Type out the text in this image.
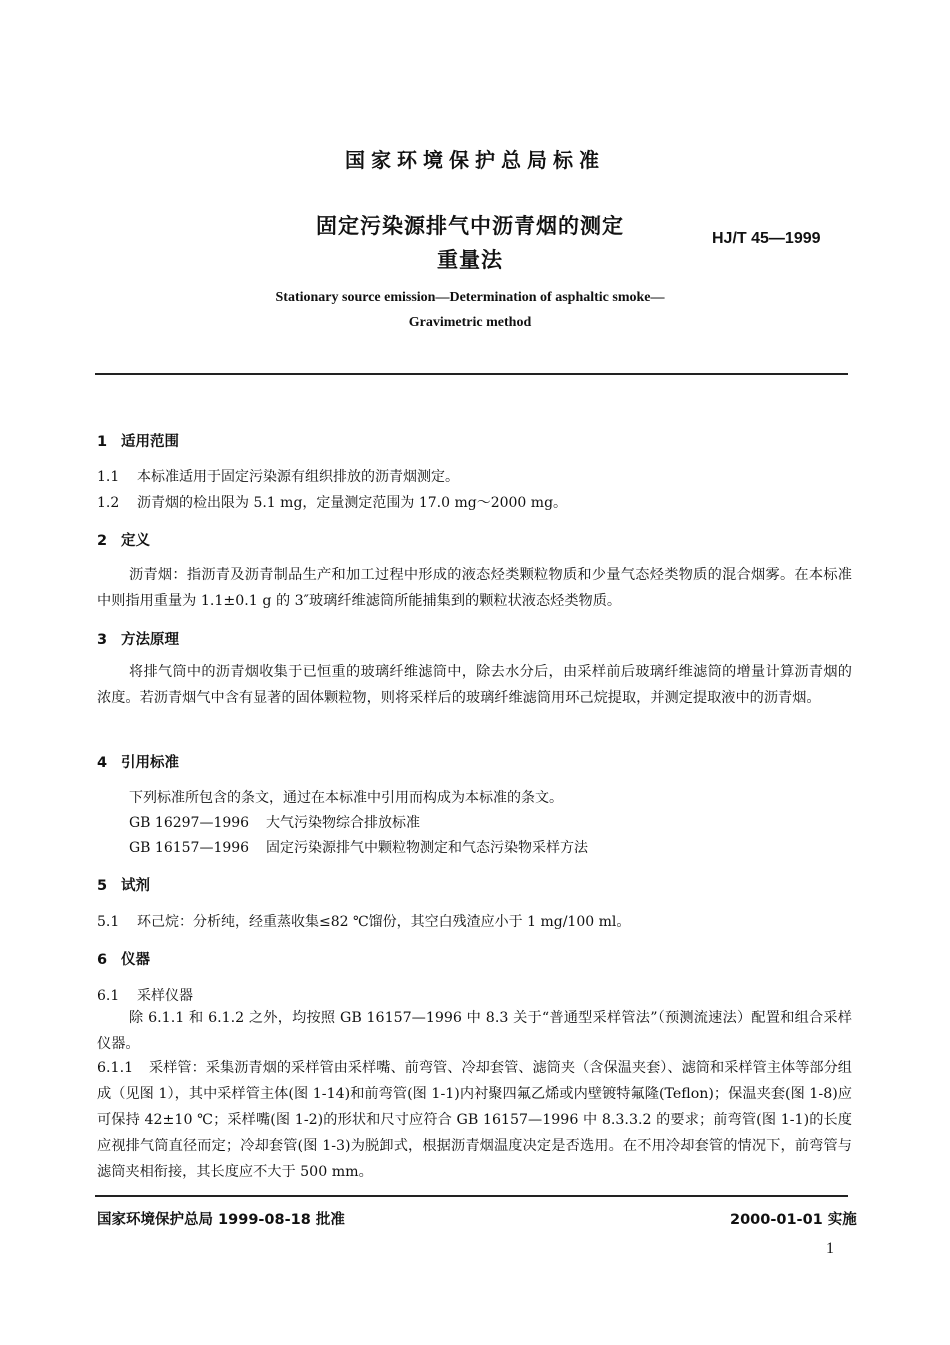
国家环境保护总局标准
固定污染源排气中沥青烟的测定
重量法
HJ/T 45—1999
Stationary source emission—Determination of asphaltic smoke—
Gravimetric method
1 适用范围
1.1 本标准适用于固定污染源有组织排放的沥青烟测定。
1.2 沥青烟的检出限为 5.1 mg，定量测定范围为 17.0 mg～2000 mg。
2 定义
沥青烟：指沥青及沥青制品生产和加工过程中形成的液态烃类颗粒物质和少量气态烃类物质的混合烟雾。在本标准中则指用重量为 1.1±0.1 g 的 3″玻璃纤维滤筒所能捕集到的颗粒状液态烃类物质。
3 方法原理
将排气筒中的沥青烟收集于已恒重的玻璃纤维滤筒中，除去水分后，由采样前后玻璃纤维滤筒的增量计算沥青烟的浓度。若沥青烟气中含有显著的固体颗粒物，则将采样后的玻璃纤维滤筒用环己烷提取，并测定提取液中的沥青烟。
4 引用标准
下列标准所包含的条文，通过在本标准中引用而构成为本标准的条文。
GB 16297—1996 大气污染物综合排放标准
GB 16157—1996 固定污染源排气中颗粒物测定和气态污染物采样方法
5 试剂
5.1 环己烷：分析纯，经重蒸收集≤82 ℃馏份，其空白残渣应小于 1 mg/100 ml。
6 仪器
6.1 采样仪器
除 6.1.1 和 6.1.2 之外，均按照 GB 16157—1996 中 8.3 关于“普通型采样管法”（预测流速法）配置和组合采样仪器。
6.1.1 采样管：采集沥青烟的采样管由采样嘴、前弯管、冷却套管、滤筒夹（含保温夹套）、滤筒和采样管主体等部分组成（见图 1），其中采样管主体(图 1-14)和前弯管(图 1-1)内衬聚四氟乙烯或内壁镀特氟隆(Teflon)；保温夹套(图 1-8)应可保持 42±10 ℃；采样嘴(图 1-2)的形状和尺寸应符合 GB 16157—1996 中 8.3.3.2 的要求；前弯管(图 1-1)的长度应视排气筒直径而定；冷却套管(图 1-3)为脱卸式，根据沥青烟温度决定是否选用。在不用冷却套管的情况下，前弯管与滤筒夹相衔接，其长度应不大于 500 mm。
国家环境保护总局 1999-08-18 批准	2000-01-01 实施
1
